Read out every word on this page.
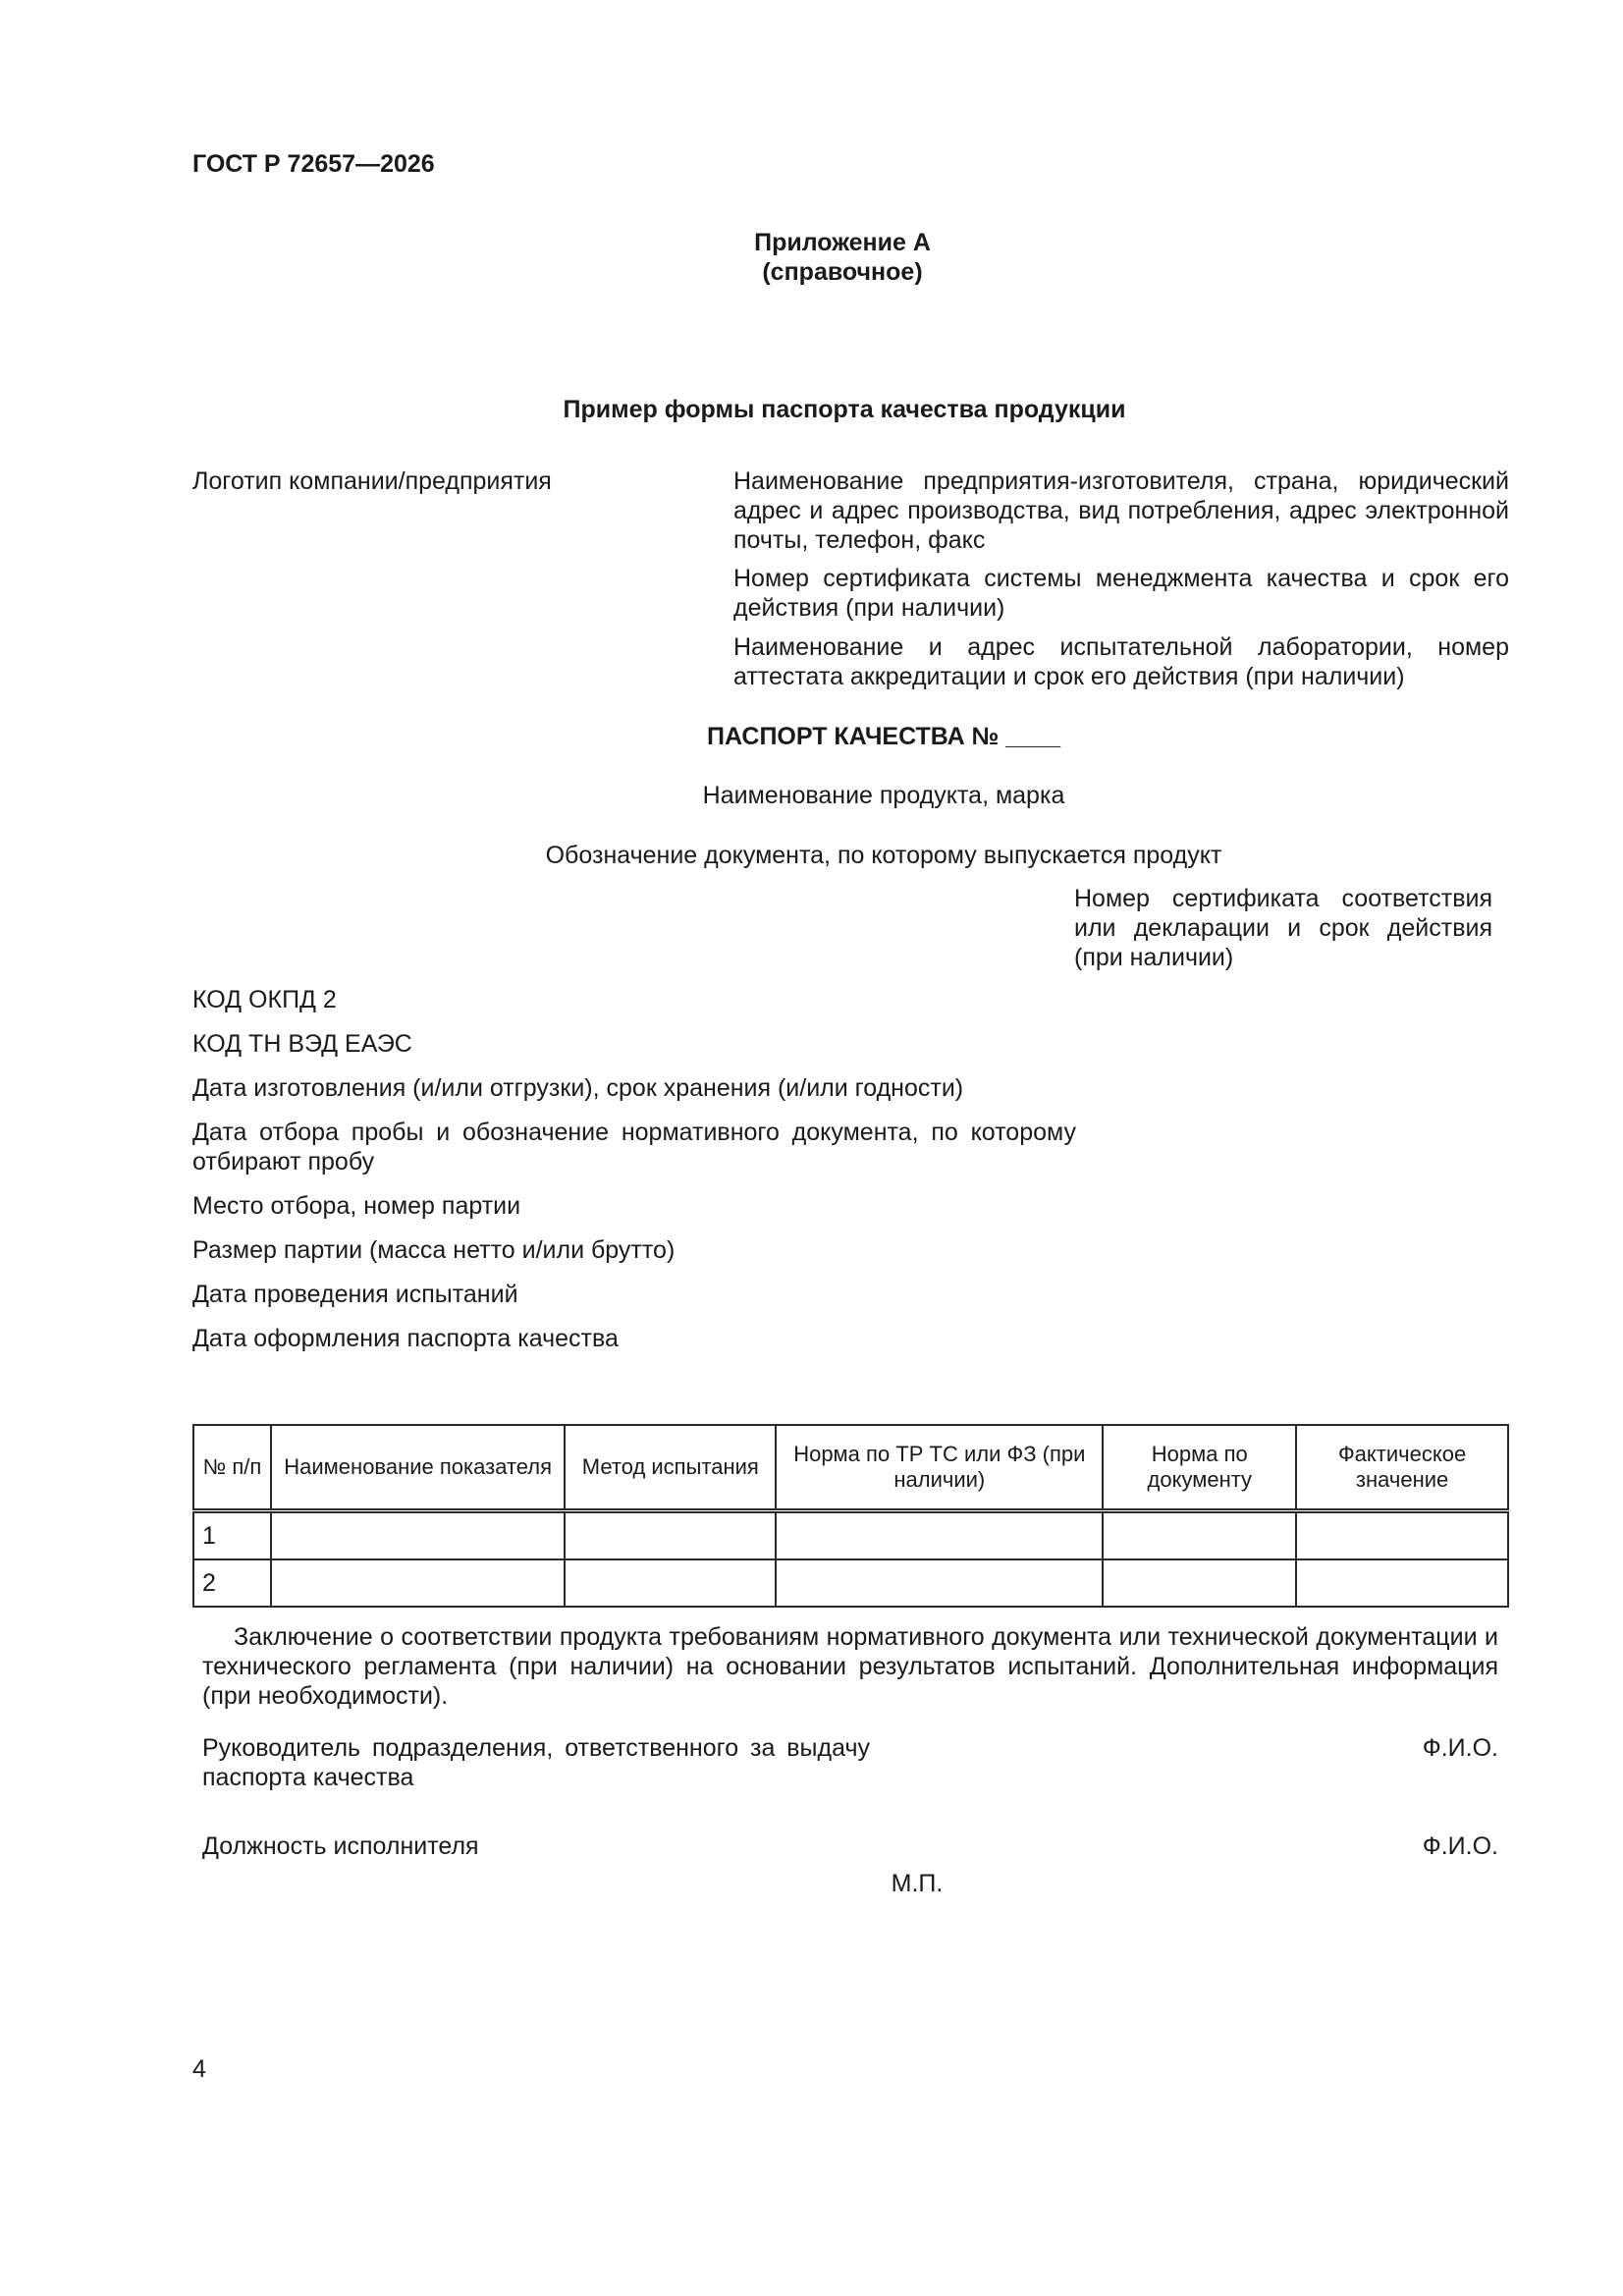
ГОСТ Р 72657—2026
Приложение А
(справочное)
Пример формы паспорта качества продукции
Логотип компании/предприятия	Наименование предприятия-изготовителя, страна, юридический адрес и адрес производства, вид потребления, адрес электронной почты, телефон, факс
Номер сертификата системы менеджмента качества и срок его действия (при наличии)
Наименование и адрес испытательной лаборатории, номер аттестата аккредитации и срок его действия (при наличии)
ПАСПОРТ КАЧЕСТВА № ____
Наименование продукта, марка
Обозначение документа, по которому выпускается продукт
Номер сертификата соответствия или декларации и срок действия (при наличии)
КОД ОКПД 2
КОД ТН ВЭД ЕАЭС
Дата изготовления (и/или отгрузки), срок хранения (и/или годности)
Дата отбора пробы и обозначение нормативного документа, по которому отбирают пробу
Место отбора, номер партии
Размер партии (масса нетто и/или брутто)
Дата проведения испытаний
Дата оформления паспорта качества
№ п/п	Наименование показателя	Метод испытания	Норма по ТР ТС или ФЗ (при наличии)	Норма по документу	Фактическое значение
1					
2					
Заключение о соответствии продукта требованиям нормативного документа или технической документации и технического регламента (при наличии) на основании результатов испытаний. Дополнительная информация (при необходимости).
Руководитель подразделения, ответственного за выдачу паспорта качества
Ф.И.О.
Должность исполнителя	Ф.И.О.
М.П.
4
